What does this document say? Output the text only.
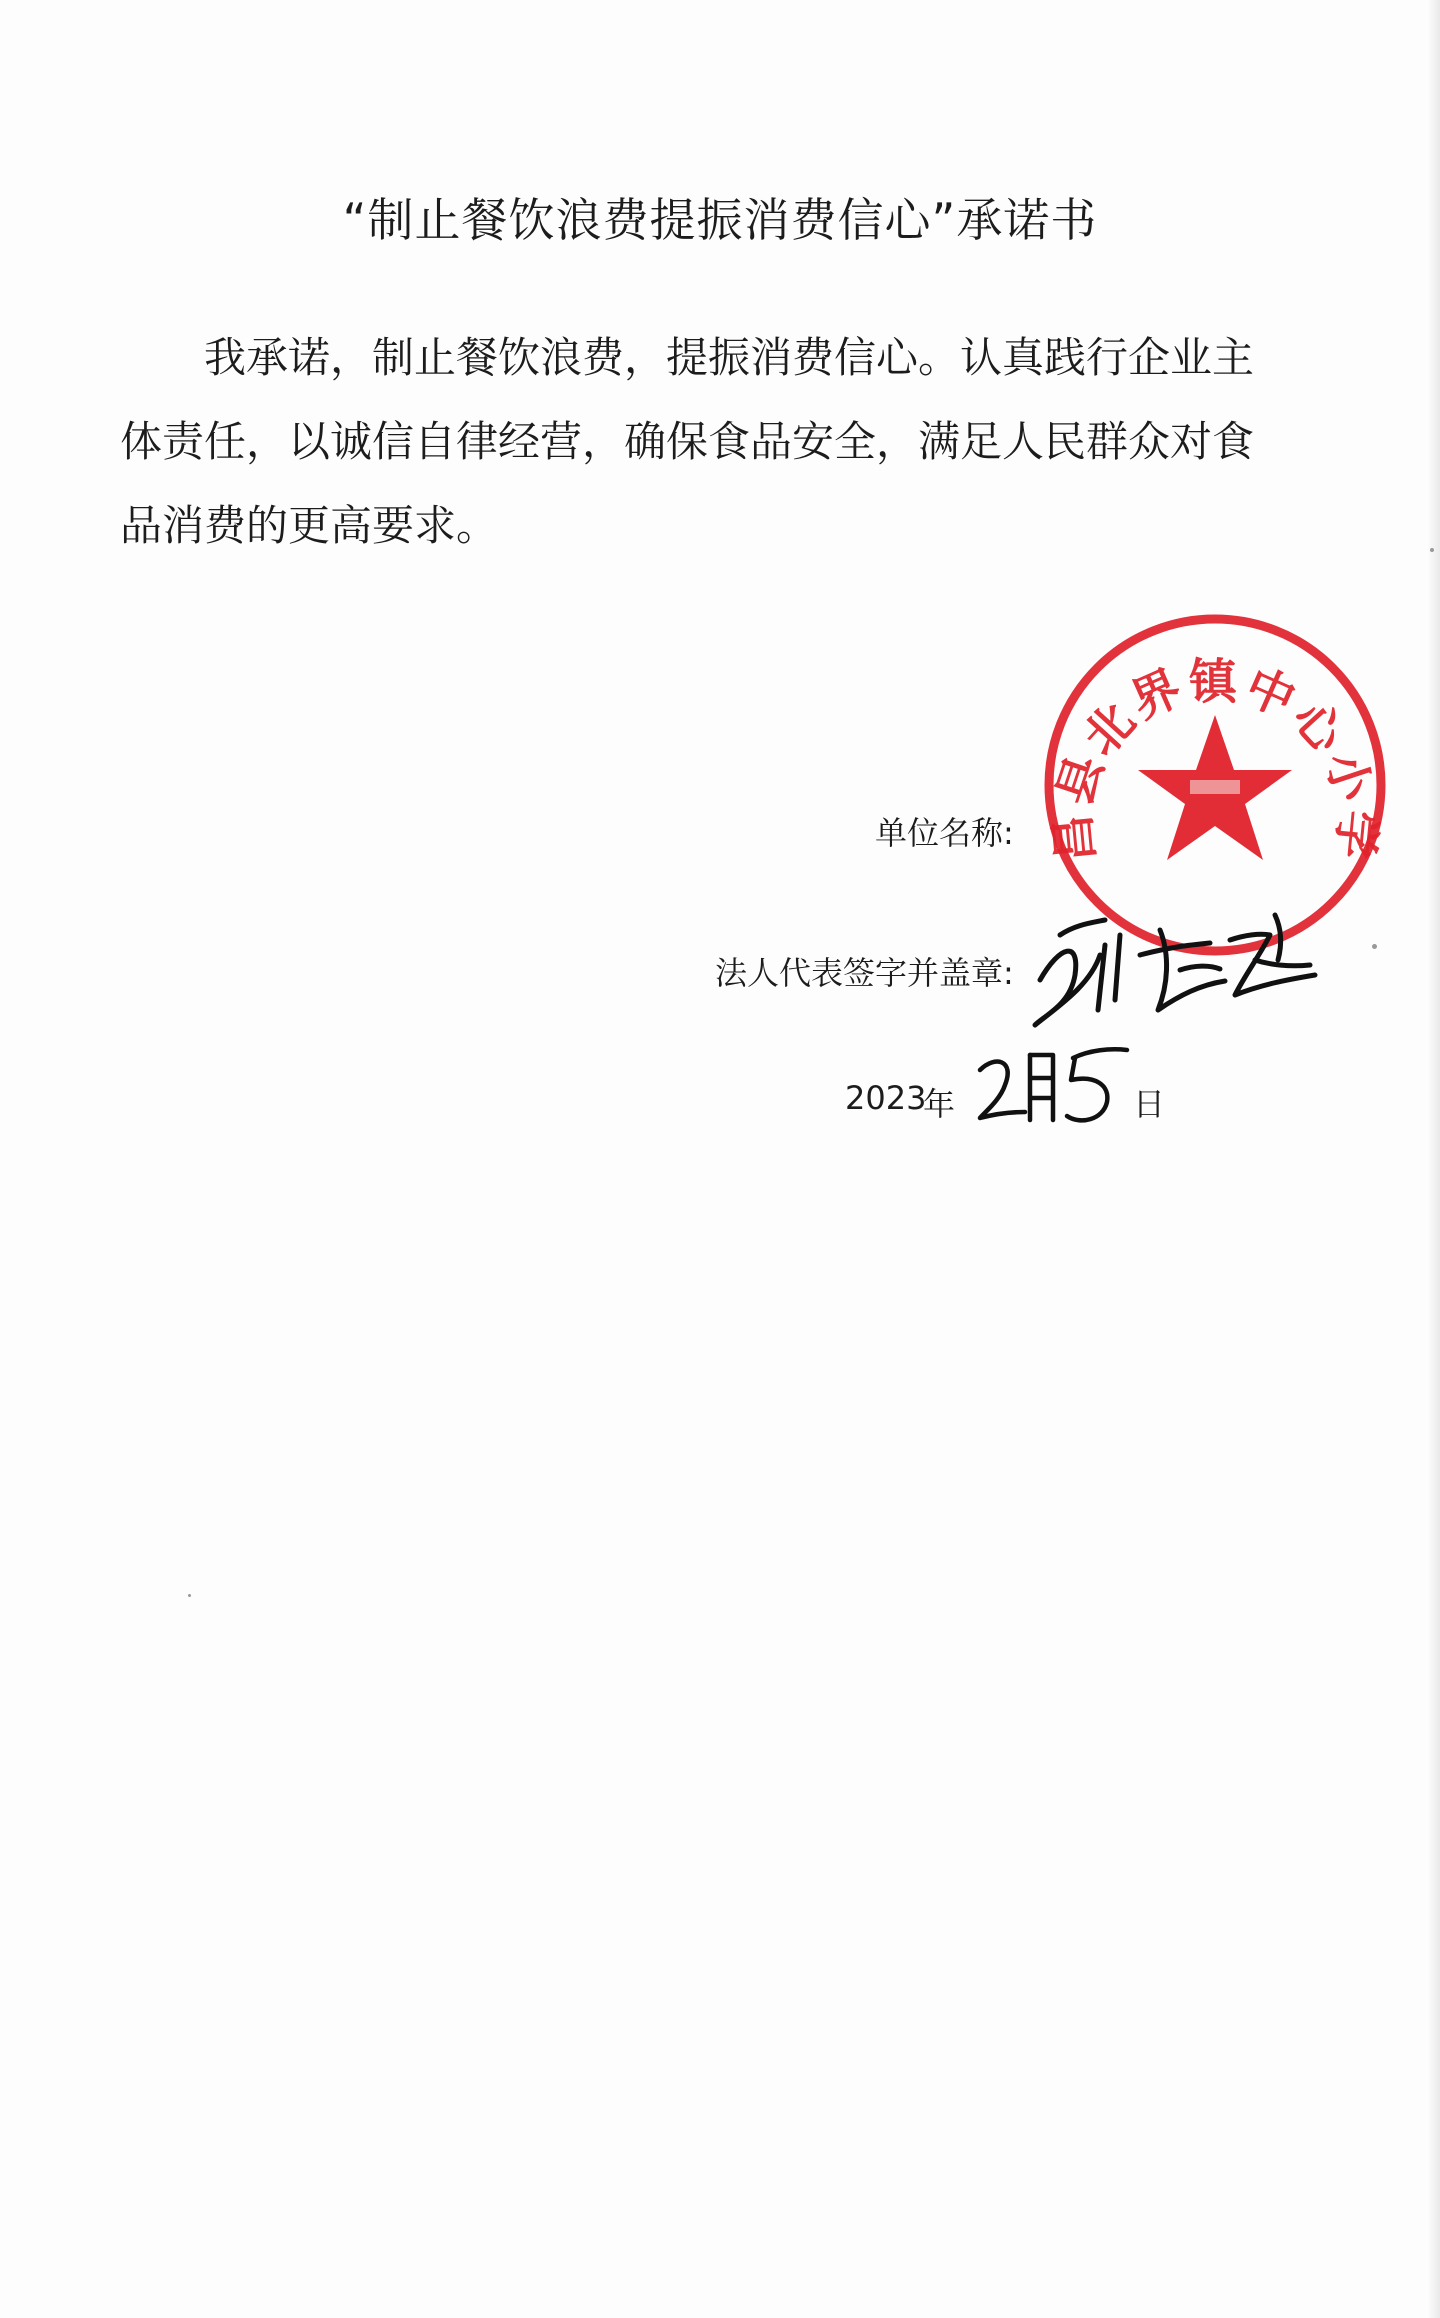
“制止餐饮浪费提振消费信心”承诺书

我承诺，制止餐饮浪费，提振消费信心。认真践行企业主体责任，以诚信自律经营，确保食品安全，满足人民群众对食品消费的更高要求。

单位名称:
法人代表签字并盖章:
2023
年	日
昌县北界镇中心小学
